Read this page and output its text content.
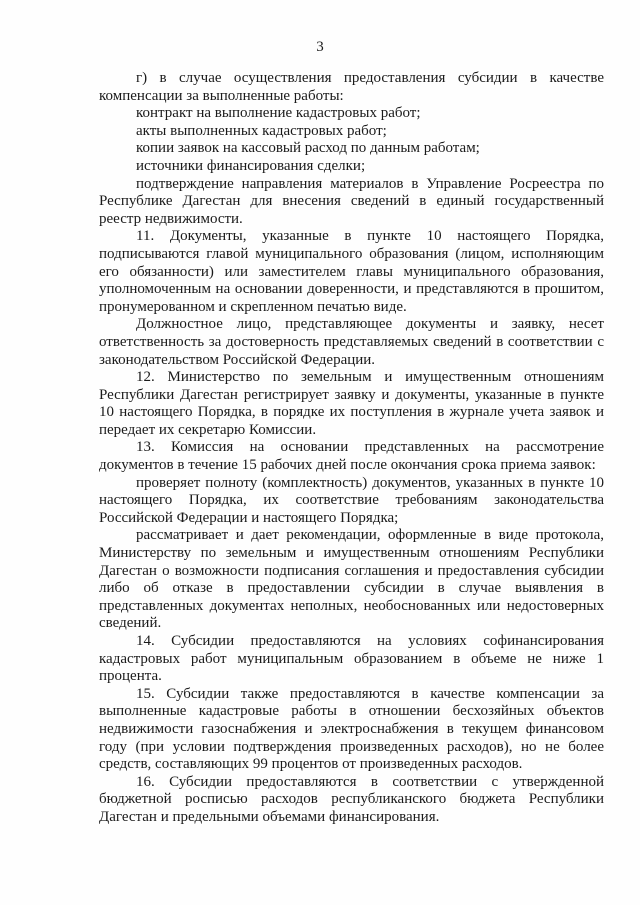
3

г) в случае осуществления предоставления субсидии в качестве компенсации за выполненные работы:

контракт на выполнение кадастровых работ;

акты выполненных кадастровых работ;

копии заявок на кассовый расход по данным работам;

источники финансирования сделки;

подтверждение направления материалов в Управление Росреестра по Республике Дагестан для внесения сведений в единый государственный реестр недвижимости.

11. Документы, указанные в пункте 10 настоящего Порядка, подписываются главой муниципального образования (лицом, исполняющим его обязанности) или заместителем главы муниципального образования, уполномоченным на основании доверенности, и представляются в прошитом, пронумерованном и скрепленном печатью виде.

Должностное лицо, представляющее документы и заявку, несет ответственность за достоверность представляемых сведений в соответствии с законодательством Российской Федерации.

12. Министерство по земельным и имущественным отношениям Республики Дагестан регистрирует заявку и документы, указанные в пункте 10 настоящего Порядка, в порядке их поступления в журнале учета заявок и передает их секретарю Комиссии.

13. Комиссия на основании представленных на рассмотрение документов в течение 15 рабочих дней после окончания срока приема заявок:

проверяет полноту (комплектность) документов, указанных в пункте 10 настоящего Порядка, их соответствие требованиям законодательства Российской Федерации и настоящего Порядка;

рассматривает и дает рекомендации, оформленные в виде протокола, Министерству по земельным и имущественным отношениям Республики Дагестан о возможности подписания соглашения и предоставления субсидии либо об отказе в предоставлении субсидии в случае выявления в представленных документах неполных, необоснованных или недостоверных сведений.

14. Субсидии предоставляются на условиях софинансирования кадастровых работ муниципальным образованием в объеме не ниже 1 процента.

15. Субсидии также предоставляются в качестве компенсации за выполненные кадастровые работы в отношении бесхозяйных объектов недвижимости газоснабжения и электроснабжения в текущем финансовом году (при условии подтверждения произведенных расходов), но не более средств, составляющих 99 процентов от произведенных расходов.

16. Субсидии предоставляются в соответствии с утвержденной бюджетной росписью расходов республиканского бюджета Республики Дагестан и предельными объемами финансирования.
